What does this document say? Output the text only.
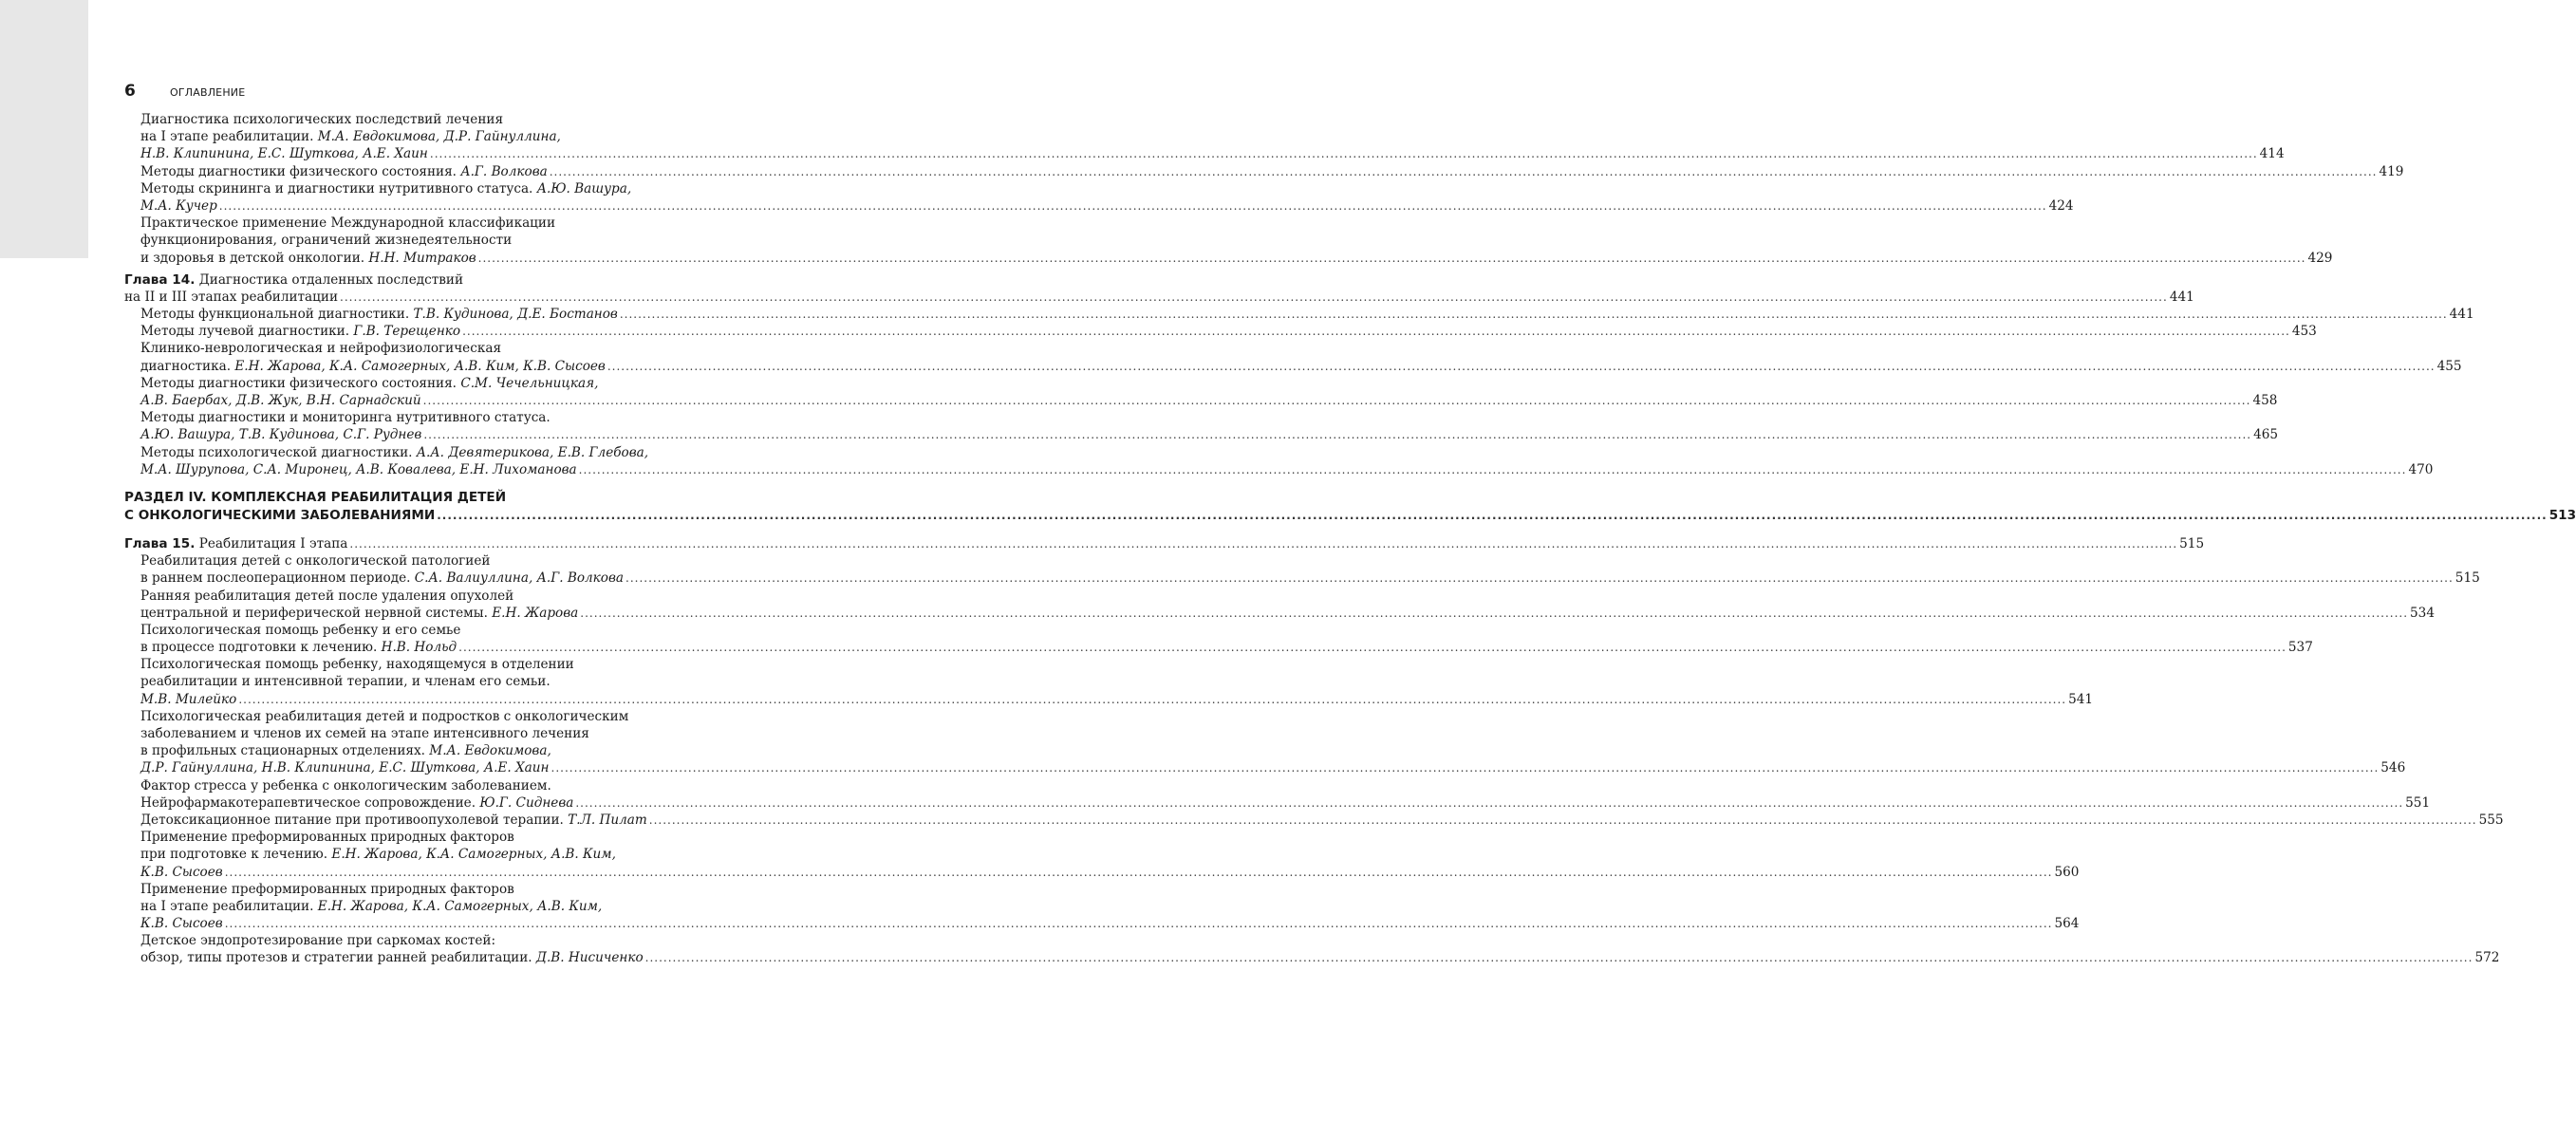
6	ОГЛАВЛЕНИЕ
Диагностика психологических последствий лечения
на I этапе реабилитации. М.А. Евдокимова, Д.Р. Гайнуллина,
Н.В. Клипинина, Е.С. Шуткова, А.Е. Хаин ................................................................................................................................................................................................................................................................................................................................................................................................................ 414
Методы диагностики физического состояния. А.Г. Волкова ................................................................................................................................................................................................................................................................................................................................................................................................................ 419
Методы скрининга и диагностики нутритивного статуса. А.Ю. Вашура,
М.А. Кучер ................................................................................................................................................................................................................................................................................................................................................................................................................ 424
Практическое применение Международной классификации
функционирования, ограничений жизнедеятельности
и здоровья в детской онкологии. Н.Н. Митраков ................................................................................................................................................................................................................................................................................................................................................................................................................ 429
Глава 14. Диагностика отдаленных последствий
на II и III этапах реабилитации ................................................................................................................................................................................................................................................................................................................................................................................................................ 441
Методы функциональной диагностики. Т.В. Кудинова, Д.Е. Бостанов ................................................................................................................................................................................................................................................................................................................................................................................................................ 441
Методы лучевой диагностики. Г.В. Терещенко ................................................................................................................................................................................................................................................................................................................................................................................................................ 453
Клинико-неврологическая и нейрофизиологическая
диагностика. Е.Н. Жарова, К.А. Самогерных, А.В. Ким, К.В. Сысоев ................................................................................................................................................................................................................................................................................................................................................................................................................ 455
Методы диагностики физического состояния. С.М. Чечельницкая,
А.В. Баербах, Д.В. Жук, В.Н. Сарнадский ................................................................................................................................................................................................................................................................................................................................................................................................................ 458
Методы диагностики и мониторинга нутритивного статуса.
А.Ю. Вашура, Т.В. Кудинова, С.Г. Руднев ................................................................................................................................................................................................................................................................................................................................................................................................................ 465
Методы психологической диагностики. А.А. Девятерикова, Е.В. Глебова,
М.А. Шурупова, С.А. Миронец, А.В. Ковалева, Е.Н. Лихоманова ................................................................................................................................................................................................................................................................................................................................................................................................................ 470
РАЗДЕЛ IV. КОМПЛЕКСНАЯ РЕАБИЛИТАЦИЯ ДЕТЕЙ
С ОНКОЛОГИЧЕСКИМИ ЗАБОЛЕВАНИЯМИ ................................................................................................................................................................................................................................................................................................................................................................................................................ 513
Глава 15. Реабилитация I этапа ................................................................................................................................................................................................................................................................................................................................................................................................................ 515
Реабилитация детей с онкологической патологией
в раннем послеоперационном периоде. С.А. Валиуллина, А.Г. Волкова ................................................................................................................................................................................................................................................................................................................................................................................................................ 515
Ранняя реабилитация детей после удаления опухолей
центральной и периферической нервной системы. Е.Н. Жарова ................................................................................................................................................................................................................................................................................................................................................................................................................ 534
Психологическая помощь ребенку и его семье
в процессе подготовки к лечению. Н.В. Нольд ................................................................................................................................................................................................................................................................................................................................................................................................................ 537
Психологическая помощь ребенку, находящемуся в отделении
реабилитации и интенсивной терапии, и членам его семьи.
М.В. Милейко ................................................................................................................................................................................................................................................................................................................................................................................................................ 541
Психологическая реабилитация детей и подростков с онкологическим
заболеванием и членов их семей на этапе интенсивного лечения
в профильных стационарных отделениях. М.А. Евдокимова,
Д.Р. Гайнуллина, Н.В. Клипинина, Е.С. Шуткова, А.Е. Хаин ................................................................................................................................................................................................................................................................................................................................................................................................................ 546
Фактор стресса у ребенка с онкологическим заболеванием.
Нейрофармакотерапевтическое сопровождение. Ю.Г. Сиднева ................................................................................................................................................................................................................................................................................................................................................................................................................ 551
Детоксикационное питание при противоопухолевой терапии. Т.Л. Пилат ................................................................................................................................................................................................................................................................................................................................................................................................................ 555
Применение преформированных природных факторов
при подготовке к лечению. Е.Н. Жарова, К.А. Самогерных, А.В. Ким,
К.В. Сысоев ................................................................................................................................................................................................................................................................................................................................................................................................................ 560
Применение преформированных природных факторов
на I этапе реабилитации. Е.Н. Жарова, К.А. Самогерных, А.В. Ким,
К.В. Сысоев ................................................................................................................................................................................................................................................................................................................................................................................................................ 564
Детское эндопротезирование при саркомах костей:
обзор, типы протезов и стратегии ранней реабилитации. Д.В. Нисиченко ................................................................................................................................................................................................................................................................................................................................................................................................................ 572
